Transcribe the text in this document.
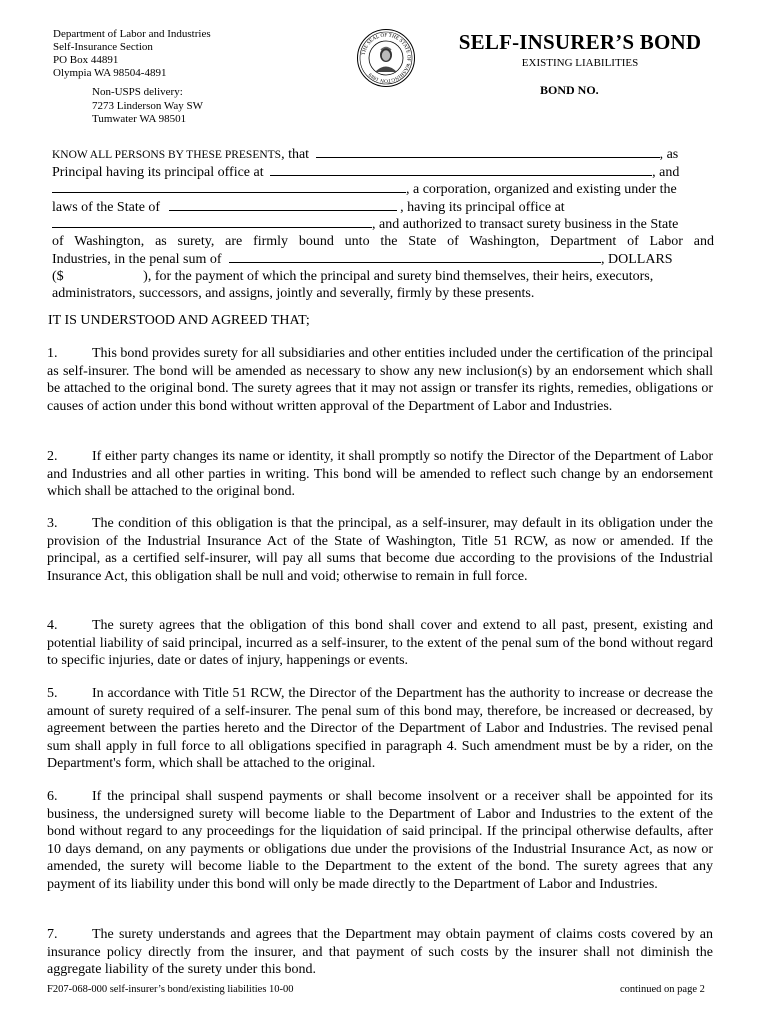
Department of Labor and Industries
Self-Insurance Section
PO Box 44891
Olympia WA 98504-4891
Non-USPS delivery:
7273 Linderson Way SW
Tumwater WA 98501
THE SEAL OF THE STATE OF WASHINGTON 1889
SELF-INSURER’S BOND
EXISTING LIABILITIES
BOND NO.
KNOW ALL PERSONS BY THESE PRESENTS, that	, as
Principal having its principal office at	, and
, a corporation, organized and existing under the
laws of the State of	, having its principal office at
, and authorized to transact surety business in the State
of Washington, as surety, are firmly bound unto the State of Washington, Department of Labor and
Industries, in the penal sum of	, DOLLARS
($	), for the payment of which the principal and surety bind themselves, their heirs, executors,
administrators, successors, and assigns, jointly and severally, firmly by these presents.
IT IS UNDERSTOOD AND AGREED THAT;
1. This bond provides surety for all subsidiaries and other entities included under the certification of the principal as self-insurer. The bond will be amended as necessary to show any new inclusion(s) by an endorsement which shall be attached to the original bond. The surety agrees that it may not assign or transfer its rights, remedies, obligations or causes of action under this bond without written approval of the Department of Labor and Industries.
2. If either party changes its name or identity, it shall promptly so notify the Director of the Department of Labor and Industries and all other parties in writing. This bond will be amended to reflect such change by an endorsement which shall be attached to the original bond.
3. The condition of this obligation is that the principal, as a self-insurer, may default in its obligation under the provision of the Industrial Insurance Act of the State of Washington, Title 51 RCW, as now or amended. If the principal, as a certified self-insurer, will pay all sums that become due according to the provisions of the Industrial Insurance Act, this obligation shall be null and void; otherwise to remain in full force.
4. The surety agrees that the obligation of this bond shall cover and extend to all past, present, existing and potential liability of said principal, incurred as a self-insurer, to the extent of the penal sum of the bond without regard to specific injuries, date or dates of injury, happenings or events.
5. In accordance with Title 51 RCW, the Director of the Department has the authority to increase or decrease the amount of surety required of a self-insurer. The penal sum of this bond may, therefore, be increased or decreased, by agreement between the parties hereto and the Director of the Department of Labor and Industries. The revised penal sum shall apply in full force to all obligations specified in paragraph 4. Such amendment must be by a rider, on the Department's form, which shall be attached to the original.
6. If the principal shall suspend payments or shall become insolvent or a receiver shall be appointed for its business, the undersigned surety will become liable to the Department of Labor and Industries to the extent of the bond without regard to any proceedings for the liquidation of said principal. If the principal otherwise defaults, after 10 days demand, on any payments or obligations due under the provisions of the Industrial Insurance Act, as now or amended, the surety will become liable to the Department to the extent of the bond. The surety agrees that any payment of its liability under this bond will only be made directly to the Department of Labor and Industries.
7. The surety understands and agrees that the Department may obtain payment of claims costs covered by an insurance policy directly from the insurer, and that payment of such costs by the insurer shall not diminish the aggregate liability of the surety under this bond.
F207-068-000 self-insurer’s bond/existing liabilities 10-00	continued on page 2
